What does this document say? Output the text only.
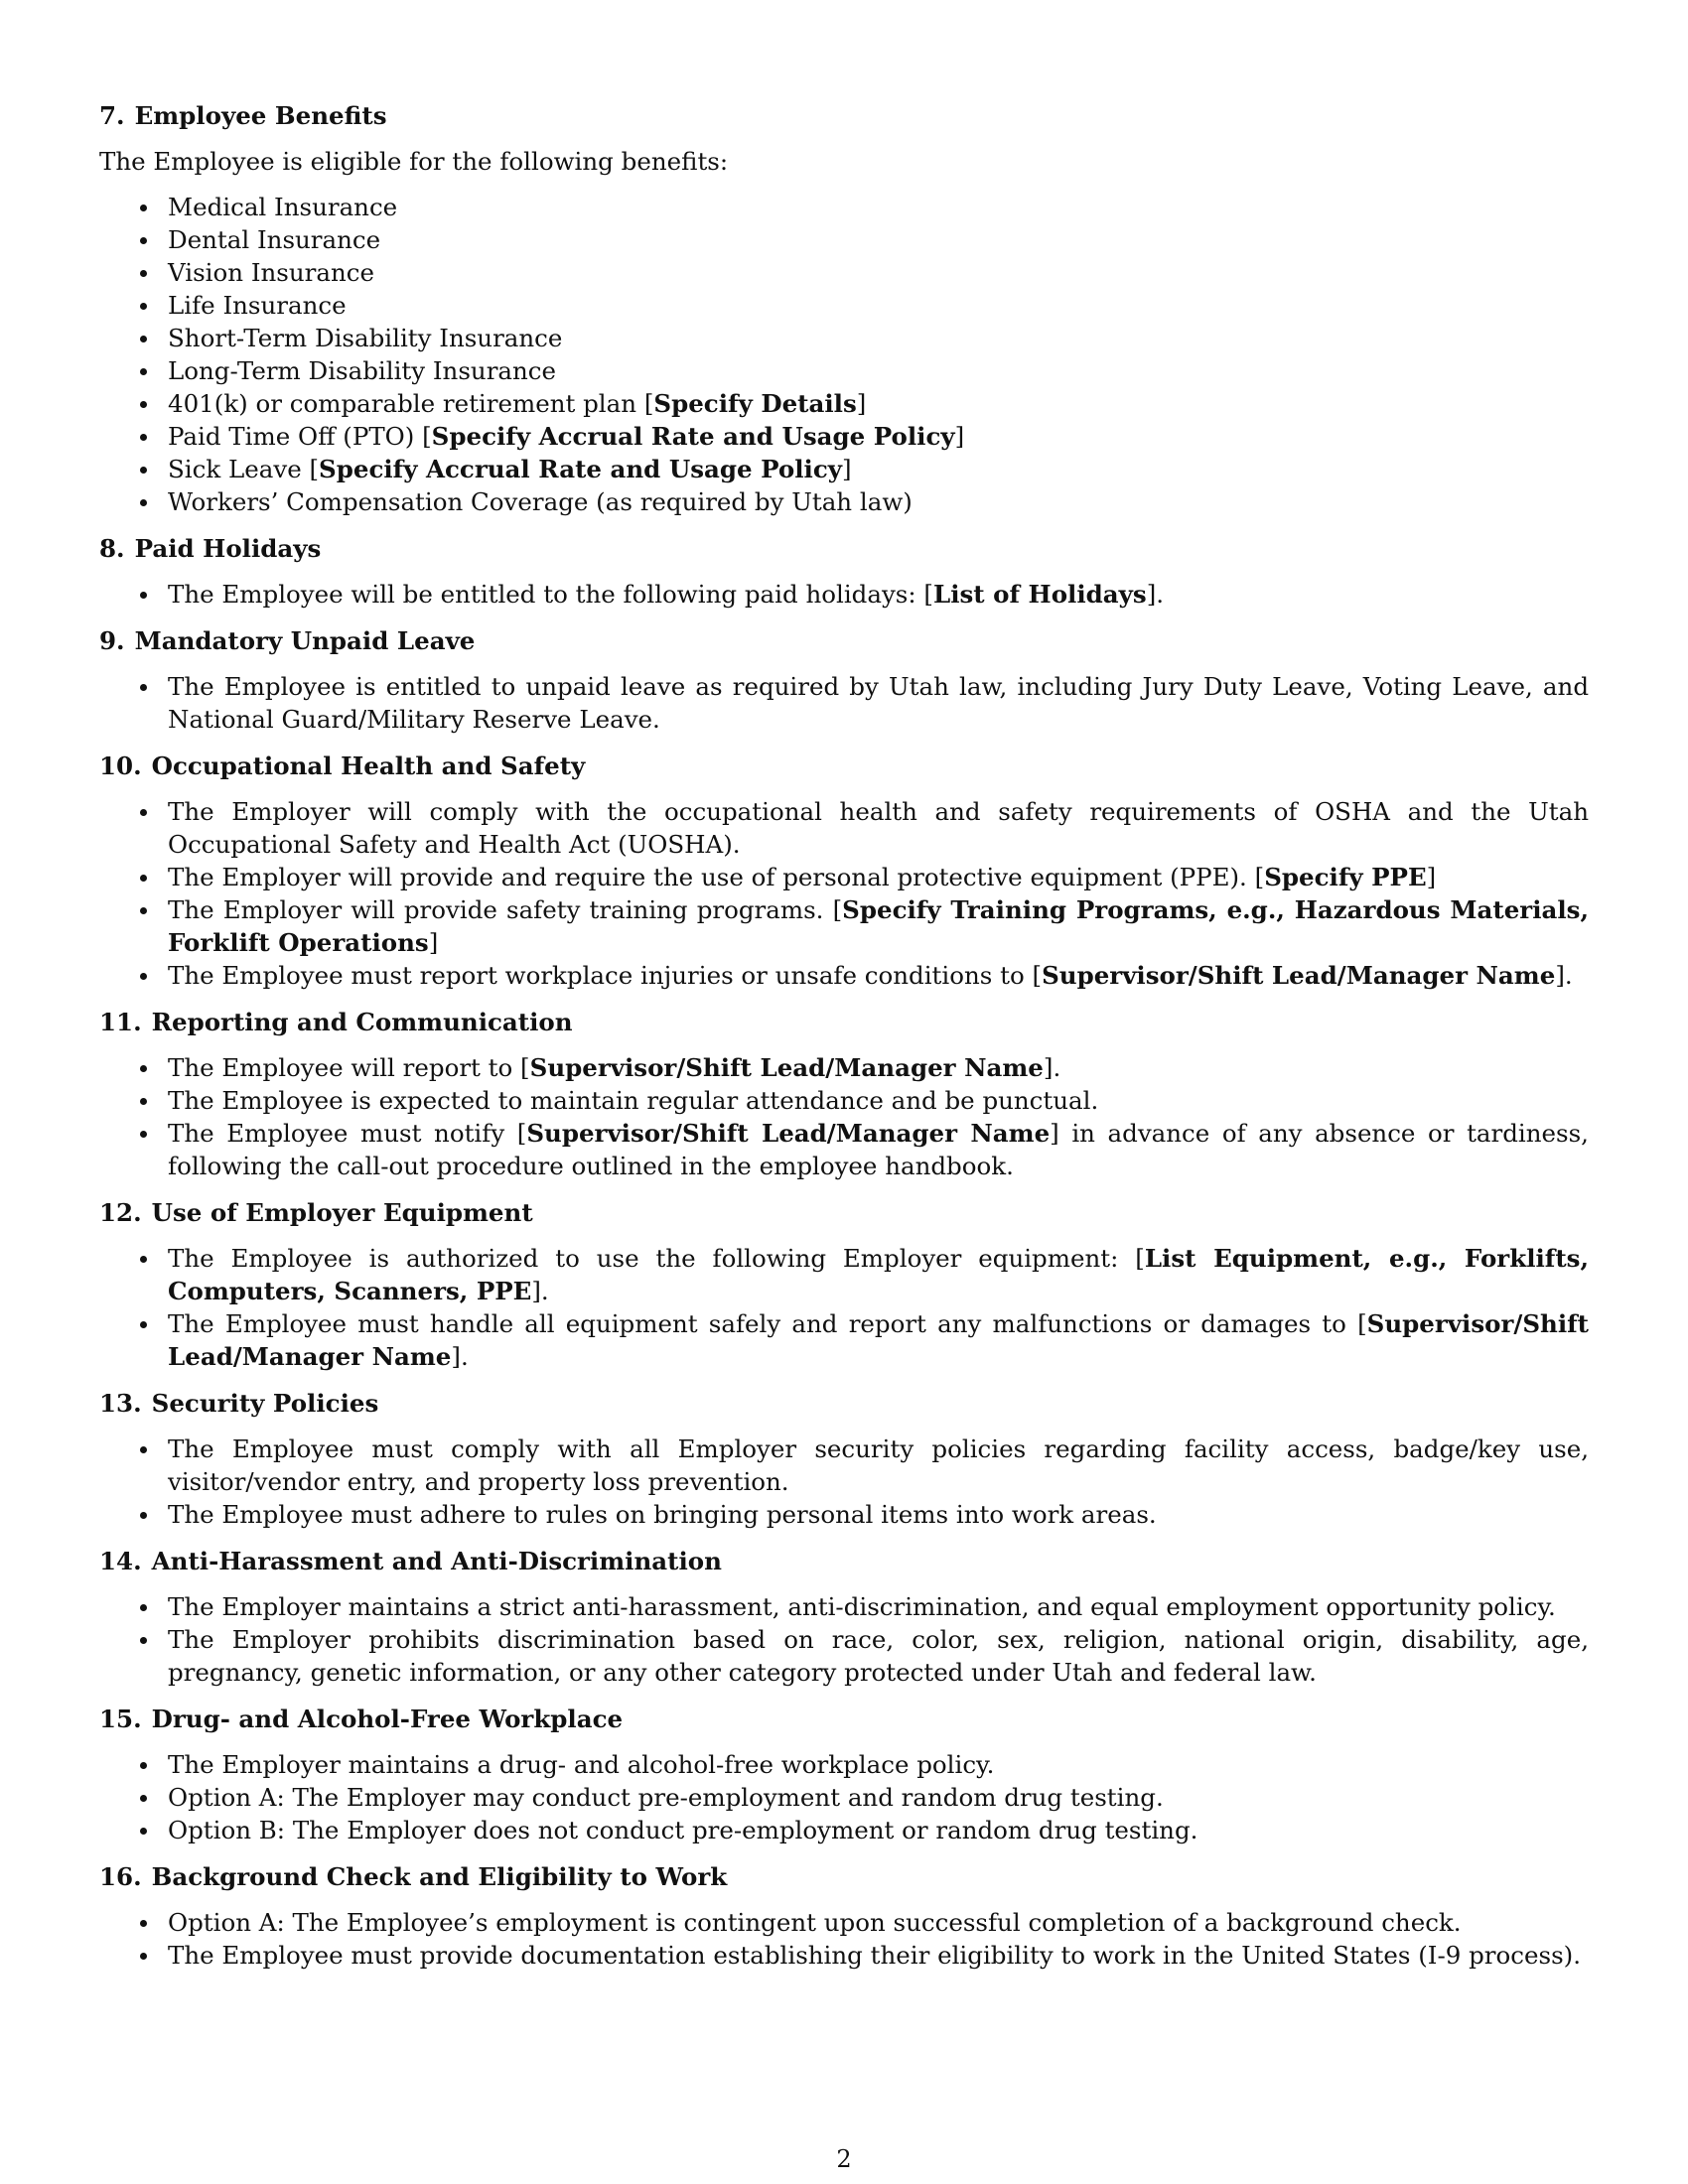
7. Employee Benefits

The Employee is eligible for the following benefits:

Medical Insurance
Dental Insurance
Vision Insurance
Life Insurance
Short-Term Disability Insurance
Long-Term Disability Insurance
401(k) or comparable retirement plan [Specify Details]
Paid Time Off (PTO) [Specify Accrual Rate and Usage Policy]
Sick Leave [Specify Accrual Rate and Usage Policy]
Workers’ Compensation Coverage (as required by Utah law)
8. Paid Holidays
The Employee will be entitled to the following paid holidays: [List of Holidays].
9. Mandatory Unpaid Leave
The Employee is entitled to unpaid leave as required by Utah law, including Jury Duty Leave, Voting Leave, and National Guard/Military Reserve Leave.
10. Occupational Health and Safety
The Employer will comply with the occupational health and safety requirements of OSHA and the Utah Occupational Safety and Health Act (UOSHA).
The Employer will provide and require the use of personal protective equipment (PPE). [Specify PPE]
The Employer will provide safety training programs. [Specify Training Programs, e.g., Hazardous Materials, Forklift Operations]
The Employee must report workplace injuries or unsafe conditions to [Supervisor/Shift Lead/Manager Name].
11. Reporting and Communication
The Employee will report to [Supervisor/Shift Lead/Manager Name].
The Employee is expected to maintain regular attendance and be punctual.
The Employee must notify [Supervisor/Shift Lead/Manager Name] in advance of any absence or tardiness, following the call-out procedure outlined in the employee handbook.
12. Use of Employer Equipment
The Employee is authorized to use the following Employer equipment: [List Equipment, e.g., Forklifts, Computers, Scanners, PPE].
The Employee must handle all equipment safely and report any malfunctions or damages to [Supervisor/Shift Lead/Manager Name].
13. Security Policies
The Employee must comply with all Employer security policies regarding facility access, badge/key use, visitor/vendor entry, and property loss prevention.
The Employee must adhere to rules on bringing personal items into work areas.
14. Anti-Harassment and Anti-Discrimination
The Employer maintains a strict anti-harassment, anti-discrimination, and equal employment opportunity policy.
The Employer prohibits discrimination based on race, color, sex, religion, national origin, disability, age, pregnancy, genetic information, or any other category protected under Utah and federal law.
15. Drug- and Alcohol-Free Workplace
The Employer maintains a drug- and alcohol-free workplace policy.
Option A: The Employer may conduct pre-employment and random drug testing.
Option B: The Employer does not conduct pre-employment or random drug testing.
16. Background Check and Eligibility to Work
Option A: The Employee’s employment is contingent upon successful completion of a background check.
The Employee must provide documentation establishing their eligibility to work in the United States (I-9 process).
2
